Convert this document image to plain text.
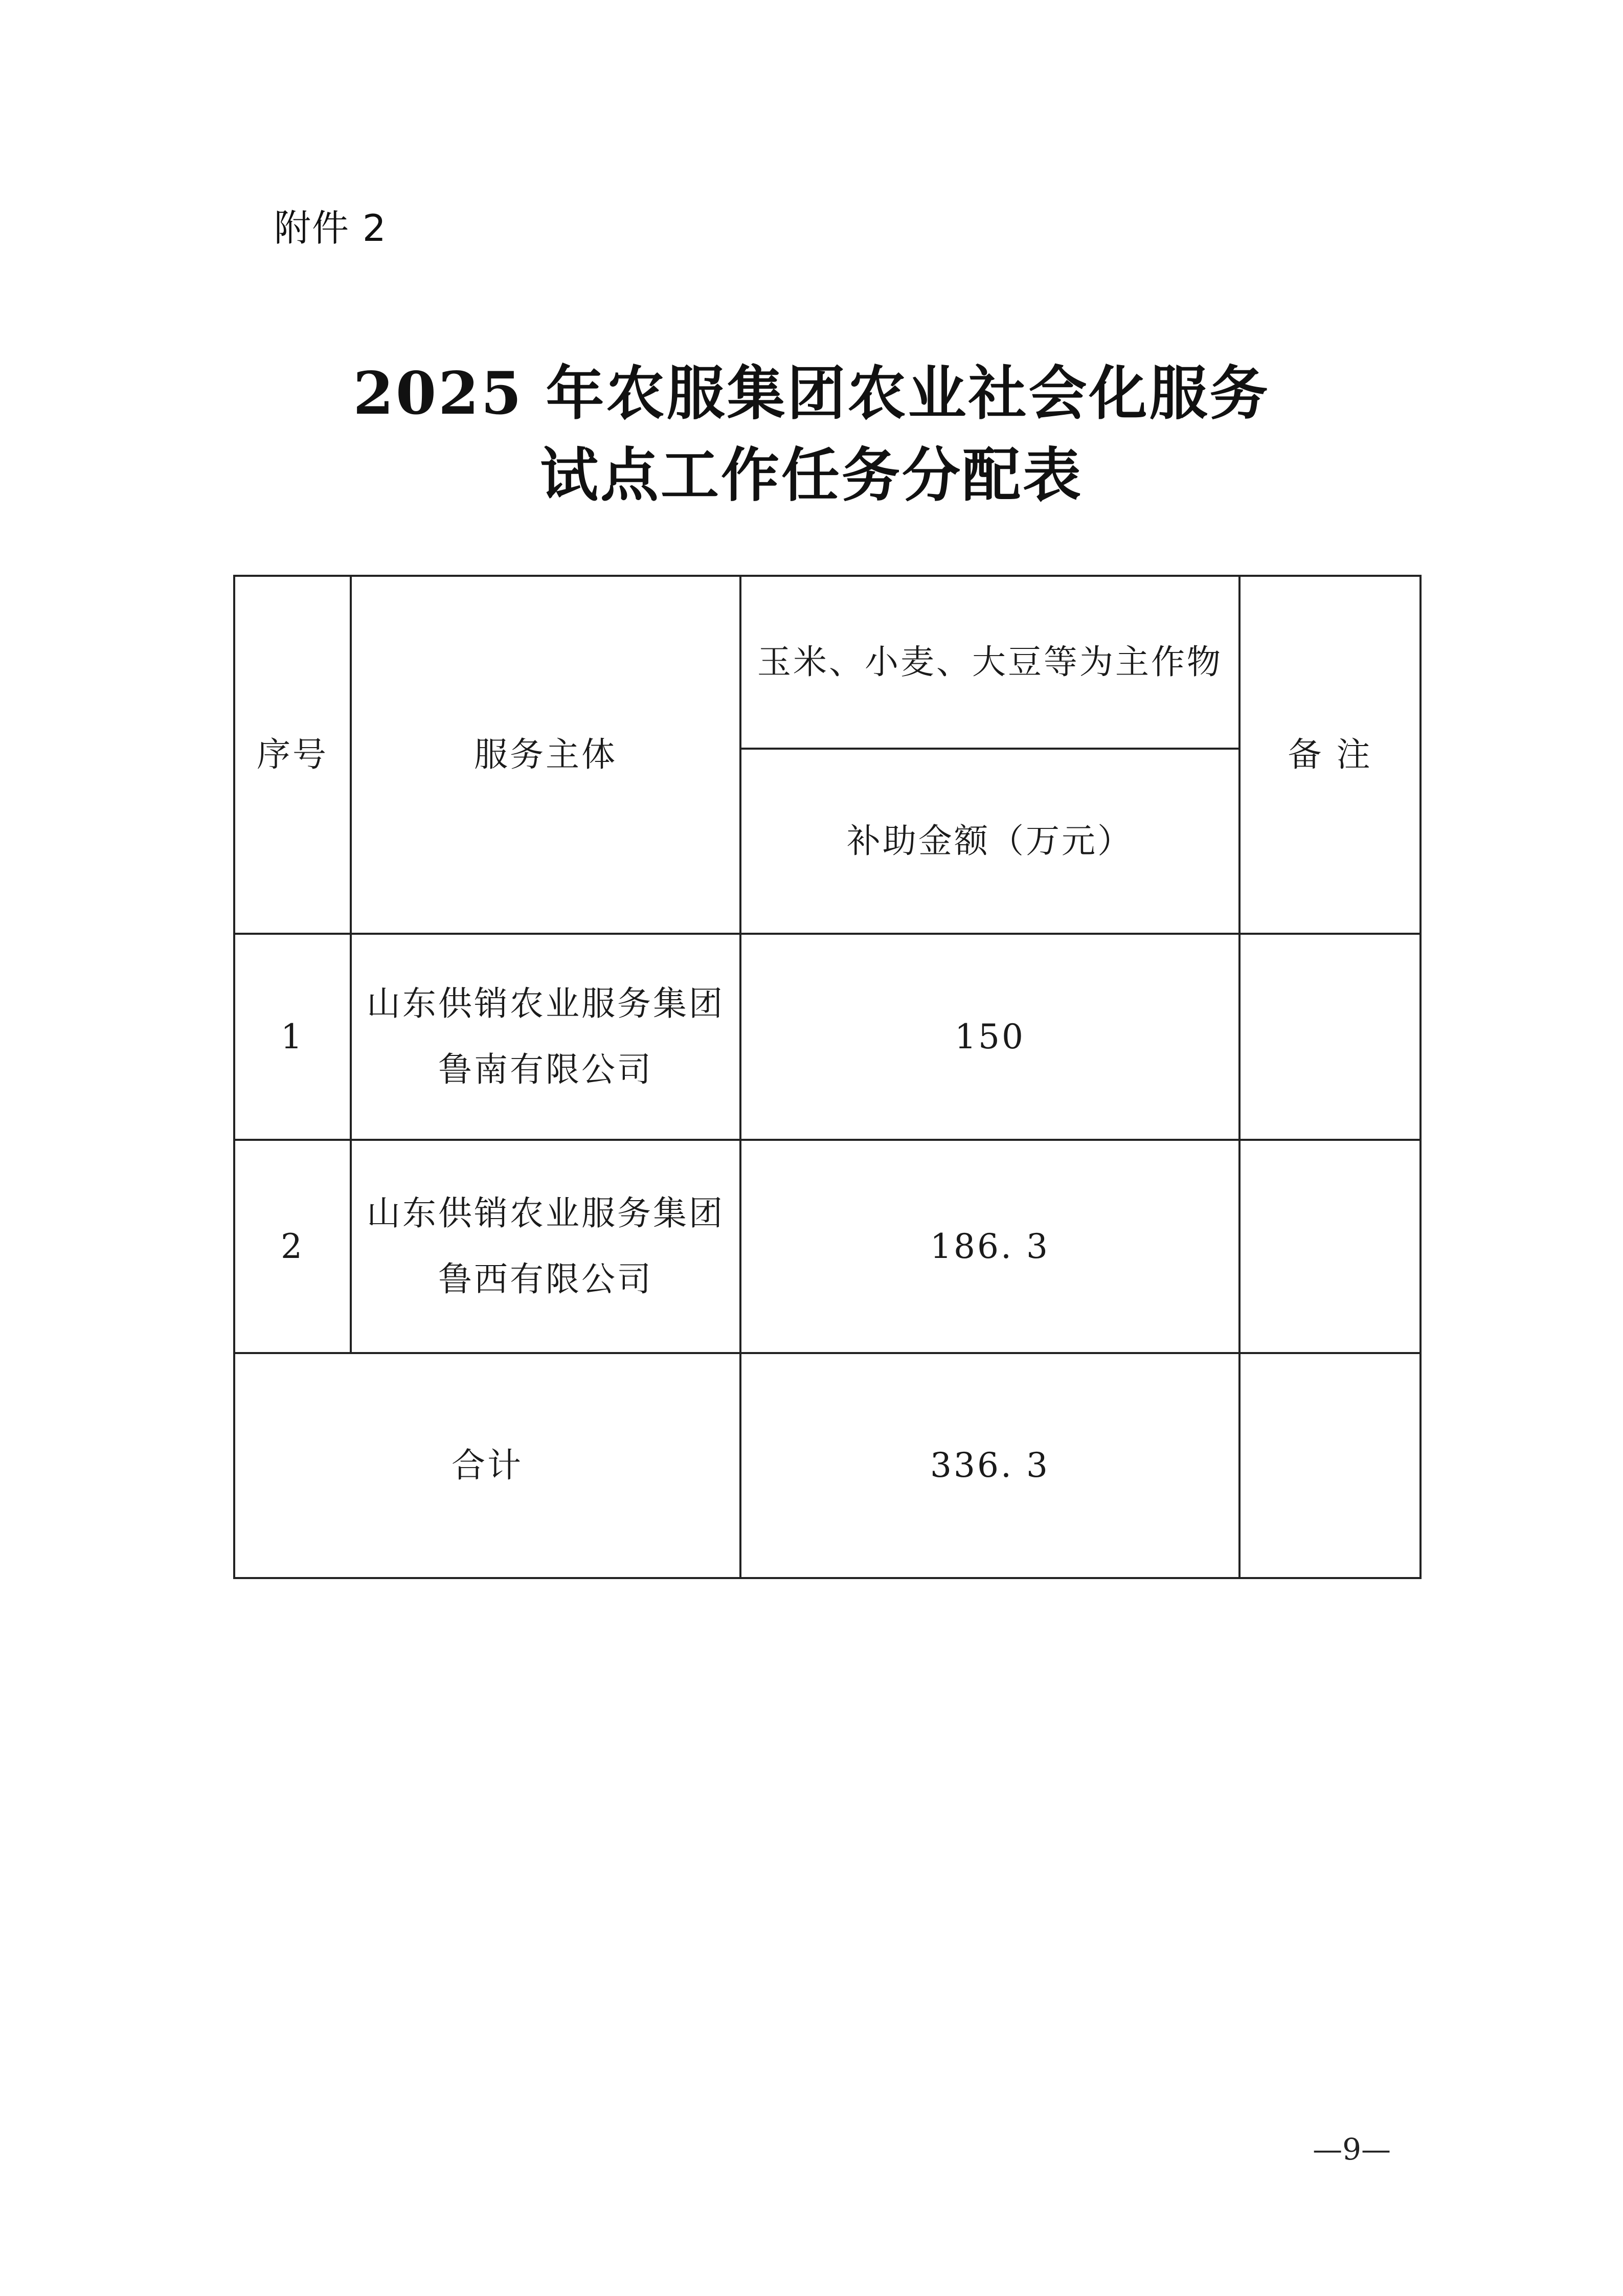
附件 2
2025 年农服集团农业社会化服务
试点工作任务分配表
序号	服务主体	玉米、小麦、大豆等为主作物	备 注
		补助金额（万元）	
1	山东供销农业服务集团鲁南有限公司	150	
2	山东供销农业服务集团鲁西有限公司	186. 3	
合计		336. 3	
—9—
